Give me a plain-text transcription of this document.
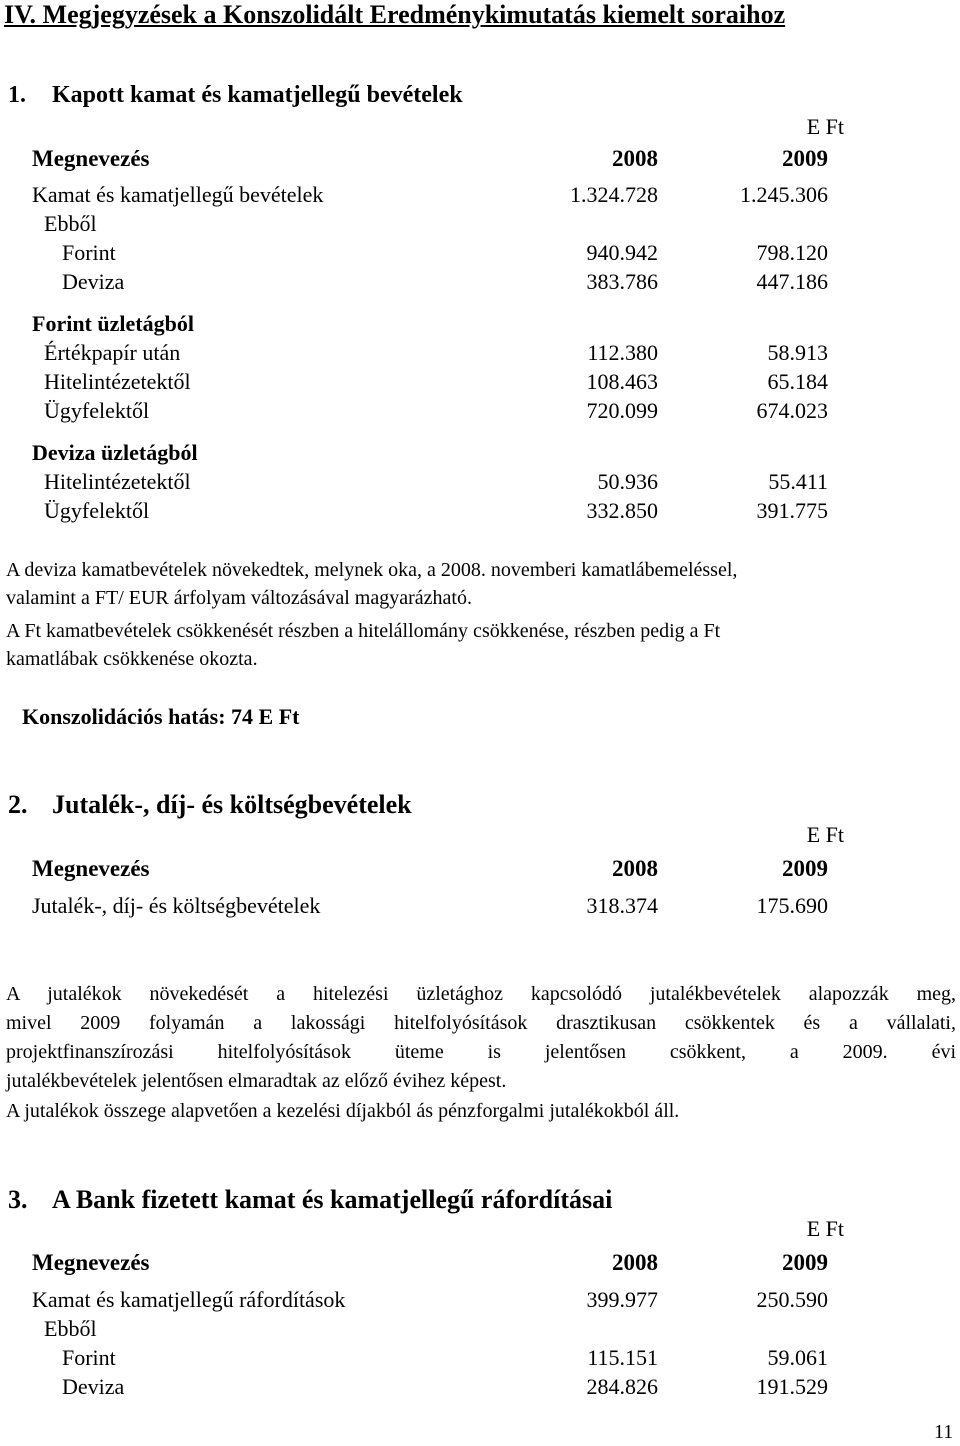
IV. Megjegyzések a Konszolidált Eredménykimutatás kiemelt soraihoz
1. Kapott kamat és kamatjellegű bevételek
E Ft
Megnevezés	2008	2009
Kamat és kamatjellegű bevételek	1.324.728	1.245.306
Ebből
Forint	940.942	798.120
Deviza	383.786	447.186
Forint üzletágból
Értékpapír után	112.380	58.913
Hitelintézetektől	108.463	65.184
Ügyfelektől	720.099	674.023
Deviza üzletágból
Hitelintézetektől	50.936	55.411
Ügyfelektől	332.850	391.775
A deviza kamatbevételek növekedtek, melynek oka, a 2008. novemberi kamatlábemeléssel,
valamint a FT/ EUR árfolyam változásával magyarázható.
A Ft kamatbevételek csökkenését részben a hitelállomány csökkenése, részben pedig a Ft
kamatlábak csökkenése okozta.
Konszolidációs hatás: 74 E Ft
2. Jutalék-, díj- és költségbevételek
E Ft
Megnevezés	2008	2009
Jutalék-, díj- és költségbevételek	318.374	175.690
A jutalékok növekedését a hitelezési üzletághoz kapcsolódó jutalékbevételek alapozzák meg,
mivel 2009 folyamán a lakossági hitelfolyósítások drasztikusan csökkentek és a vállalati,
projektfinanszírozási hitelfolyósítások üteme is jelentősen csökkent, a 2009. évi
jutalékbevételek jelentősen elmaradtak az előző évihez képest.
A jutalékok összege alapvetően a kezelési díjakból ás pénzforgalmi jutalékokból áll.
3. A Bank fizetett kamat és kamatjellegű ráfordításai
E Ft
Megnevezés	2008	2009
Kamat és kamatjellegű ráfordítások	399.977	250.590
Ebből
Forint	115.151	59.061
Deviza	284.826	191.529
11
